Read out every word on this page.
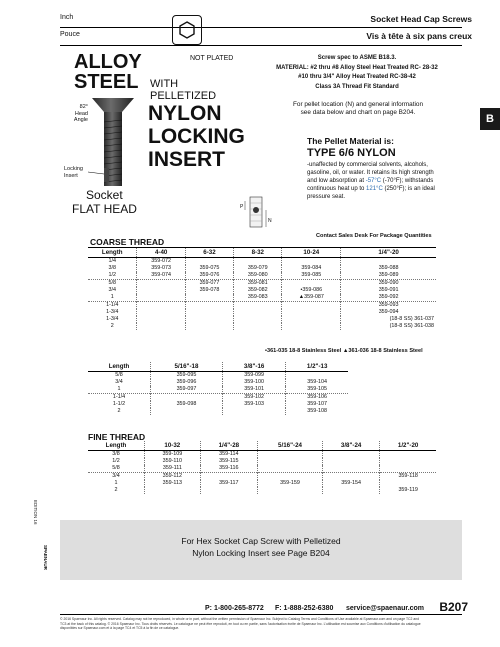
Inch
Pouce
Socket Head Cap Screws
Vis à tête à six pans creux
ALLOY
STEEL
NOT PLATED
WITH
PELLETIZED
NYLON
LOCKING
INSERT
82°
Head
Angle
Locking
Insert
Socket
FLAT HEAD
Screw spec to ASME B18.3.
MATERIAL: #2 thru #8 Alloy Steel Heat Treated RC- 28-32
#10 thru 3/4" Alloy Heat Treated RC-38-42
Class 3A Thread Fit Standard
For pellet location (N) and general information
see data below and chart on page B204.
The Pellet Material is:
TYPE 6/6 NYLON
-unaffected by commercial solvents, alcohols,
gasoline, oil, or water. It retains its high strength
and low absorption at -57°C (-70°F); withstands
continuous heat up to 121°C (250°F); is an ideal
pressure seat.
P
N
B
COARSE THREAD
Contact Sales Desk For Package Quantities
Length	4-40	6-32	8-32	10-24	1/4"-20
1/4	359-072				
3/8	359-073	359-075	359-079	359-084	359-088
1/2	359-074	359-076	359-080	359-085	359-089
5/8		359-077	359-081		359-090
3/4		359-078	359-082	•359-086	359-091
1			359-083	▲359-087	359-092
1-1/4					359-093
1-3/4					359-094
1-3/4					(18-8 SS) 361-037
2					(18-8 SS) 361-038
•361-035 18-8 Stainless Steel ▲361-036 18-8 Stainless Steel
Length	5/16"-18	3/8"-16	1/2"-13
5/8	359-095	359-099	
3/4	359-096	359-100	359-104
1	359-097	359-101	359-105
1-1/4		359-102	359-106
1-1/2	359-098	359-103	359-107
2			359-108
FINE THREAD
Length	10-32	1/4"-28	5/16"-24	3/8"-24	1/2"-20
3/8	359-109	359-114			
1/2	359-110	359-115			
5/8	359-111	359-116			
3/4	359-112				359-118
1	359-113	359-117	359-159	359-154	
2					359-119
For Hex Socket Cap Screw with Pelletized
Nylon Locking Insert see Page B204
EDITION 16
SPAENAUR
P: 1-800-265-8772 F: 1-888-252-6380 service@spaenaur.com B207
© 2016 Spaenaur Inc. All rights reserved. Catalog may not be reproduced, in whole or in part, without the written permission of Spaenaur Inc. Subject to Catalog Terms and Conditions of Use available at Spaenaur.com and on page TC2 and
TC3 at the back of this catalog. © 2016 Spaenaur Inc. Tous droits réservés. Le catalogue ne peut être reproduit, en tout ou en partie, sans l'autorisation écrite de Spaenaur Inc. L'utilisation est soumise aux Conditions d'utilisation du catalogue
disponibles sur Spaenaur.com et à la page TC4 et TC5 à la fin de ce catalogue.
